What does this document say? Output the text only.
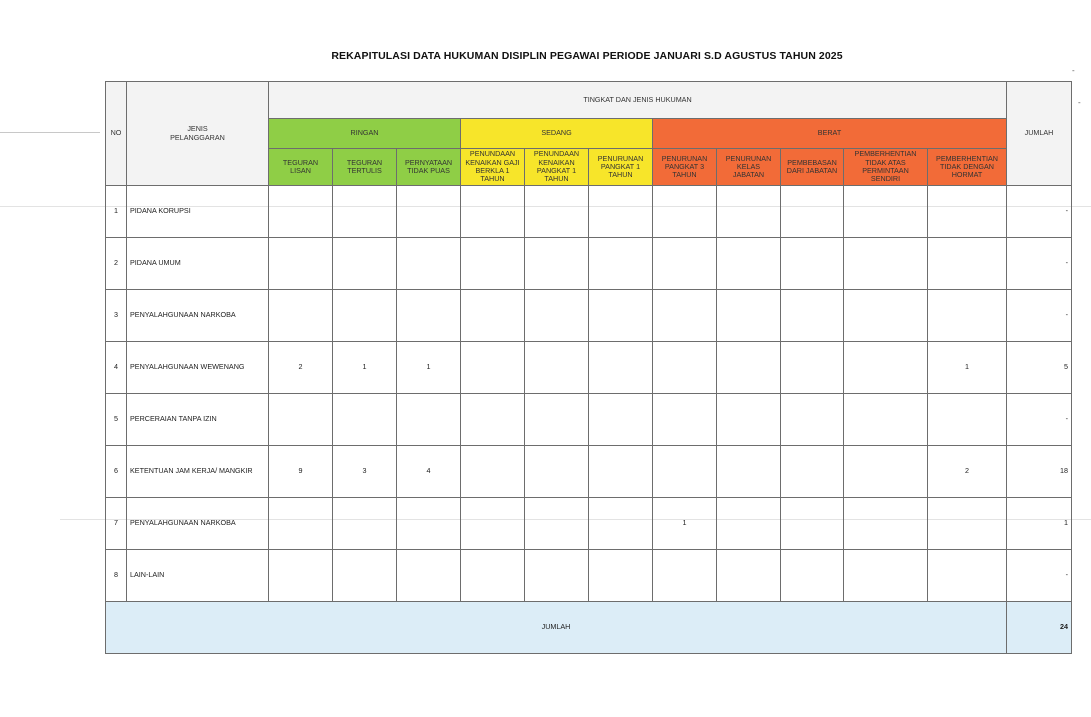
REKAPITULASI DATA HUKUMAN DISIPLIN PEGAWAI PERIODE JANUARI S.D AGUSTUS TAHUN 2025
-
-
NO	JENIS PELANGGARAN	TINGKAT DAN JENIS HUKUMAN											JUMLAH
		RINGAN			SEDANG			BERAT					

		TEGURAN LISAN	TEGURAN TERTULIS	PERNYATAAN TIDAK PUAS	PENUNDAAN KENAIKAN GAJI BERKLA 1 TAHUN	PENUNDAAN KENAIKAN PANGKAT 1 TAHUN	PENURUNAN PANGKAT 1 TAHUN	PENURUNAN PANGKAT 3 TAHUN	PENURUNAN KELAS JABATAN	PEMBEBASAN DARI JABATAN	PEMBERHENTIAN TIDAK ATAS PERMINTAAN SENDIRI	PEMBERHENTIAN TIDAK DENGAN HORMAT	

1	PIDANA KORUPSI												-
2	PIDANA UMUM												-
3	PENYALAHGUNAAN NARKOBA												-
4	PENYALAHGUNAAN WEWENANG	2	1	1								1	5
5	PERCERAIAN TANPA IZIN												-
6	KETENTUAN JAM KERJA/ MANGKIR	9	3	4								2	18
7	PENYALAHGUNAAN NARKOBA							1					1
8	LAIN-LAIN												-
JUMLAH													24
